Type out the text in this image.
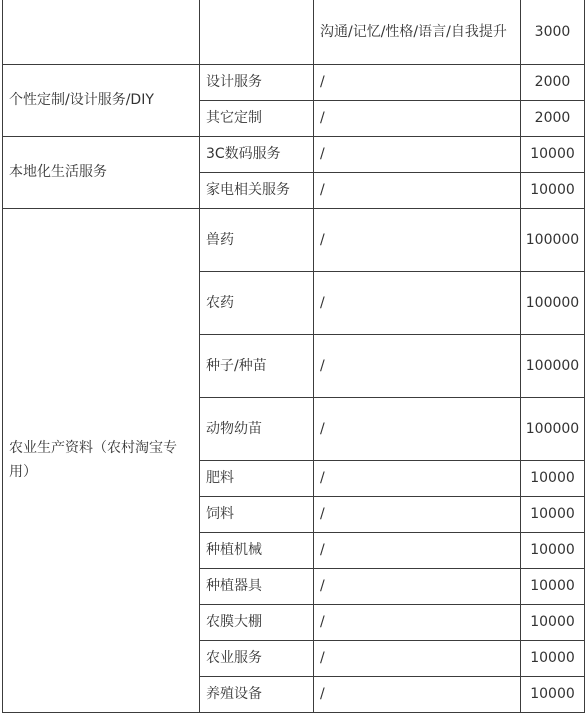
		沟通/记忆/性格/语言/自我提升	3000
个性定制/设计服务/DIY	设计服务	/	2000
	其它定制	/	2000
本地化生活服务	3C数码服务	/	10000
	家电相关服务	/	10000
农业生产资料（农村淘宝专用）	兽药	/	100000
	农药	/	100000
	种子/种苗	/	100000
	动物幼苗	/	100000
	肥料	/	10000
	饲料	/	10000
	种植机械	/	10000
	种植器具	/	10000
	农膜大棚	/	10000
	农业服务	/	10000
	养殖设备	/	10000
